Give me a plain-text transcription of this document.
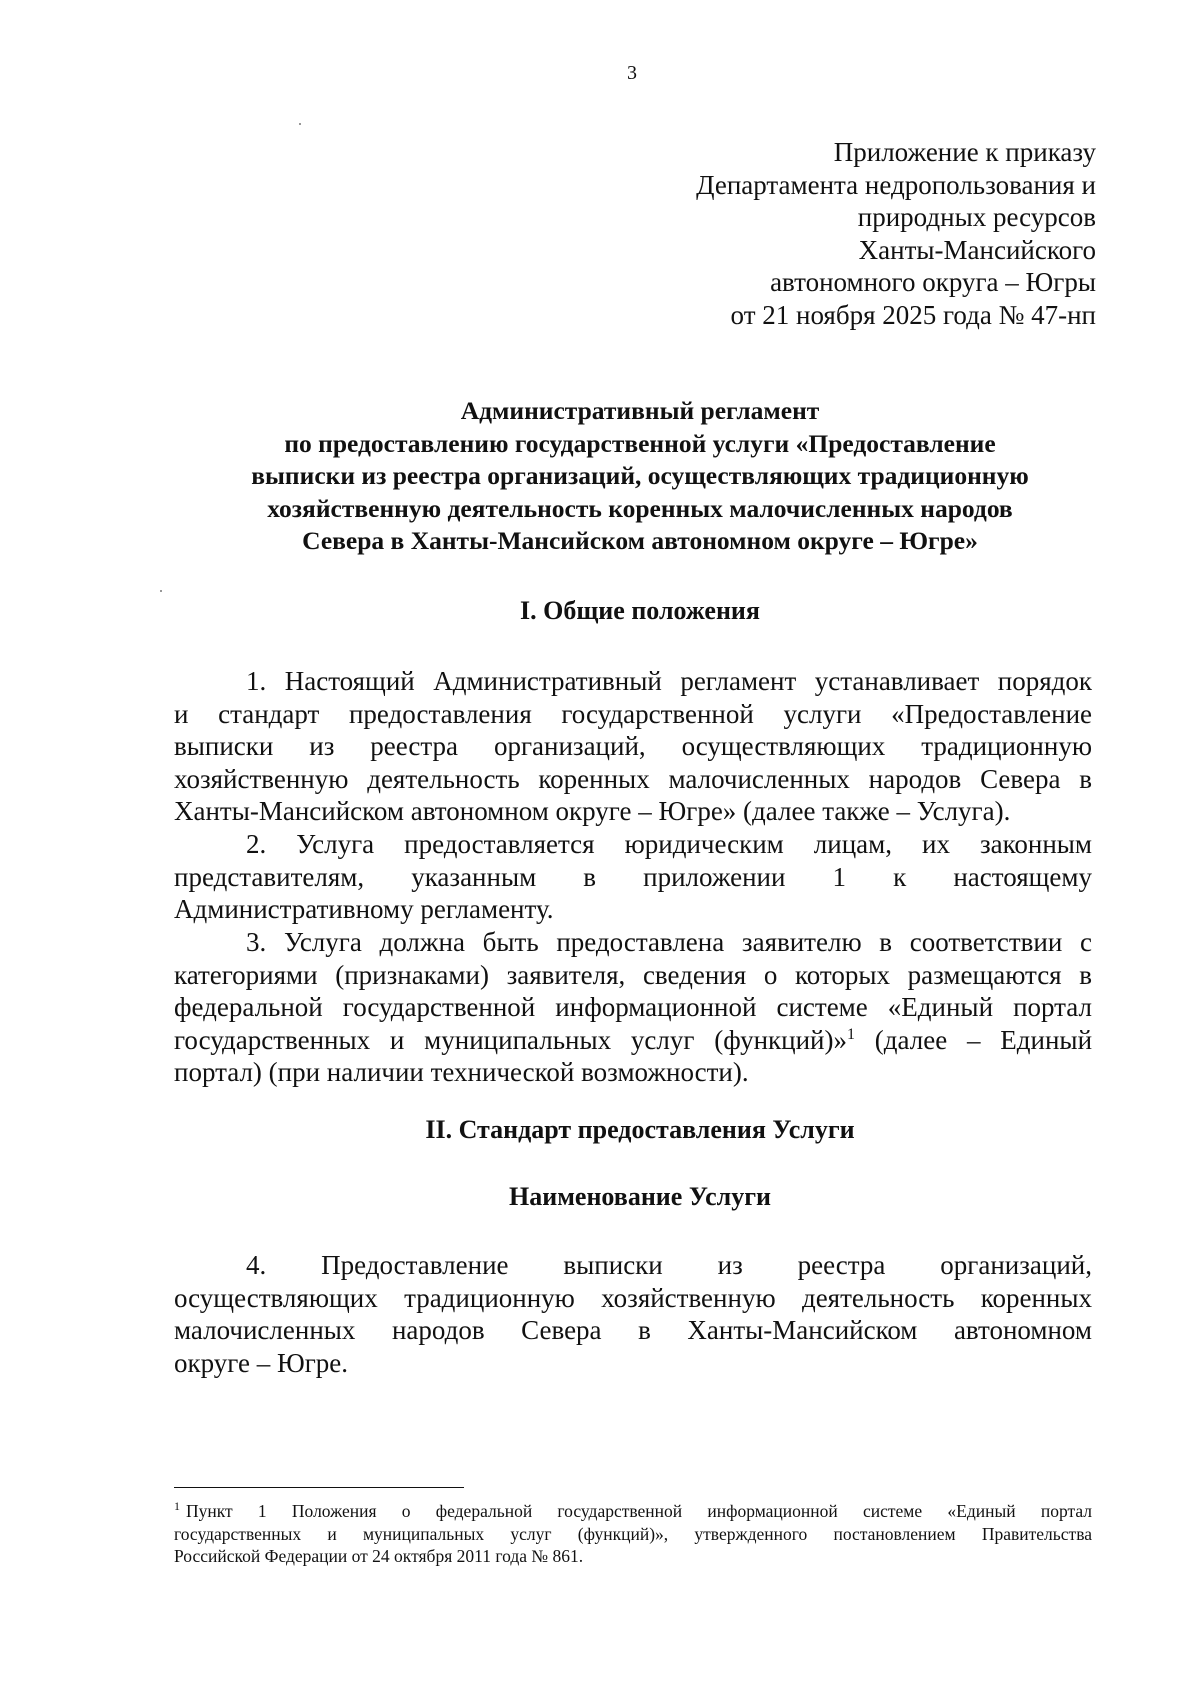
3
Приложение к приказу
Департамента недропользования и
природных ресурсов
Ханты-Мансийского
автономного округа – Югры
от 21 ноября 2025 года № 47-нп
Административный регламент
по предоставлению государственной услуги «Предоставление
выписки из реестра организаций, осуществляющих традиционную
хозяйственную деятельность коренных малочисленных народов
Севера в Ханты-Мансийском автономном округе – Югре»
I. Общие положения
1. Настоящий Административный регламент устанавливает порядок
и стандарт предоставления государственной услуги «Предоставление
выписки из реестра организаций, осуществляющих традиционную
хозяйственную деятельность коренных малочисленных народов Севера в
Ханты-Мансийском автономном округе – Югре» (далее также – Услуга).
2. Услуга предоставляется юридическим лицам, их законным
представителям, указанным в приложении 1 к настоящему
Административному регламенту.
3. Услуга должна быть предоставлена заявителю в соответствии с
категориями (признаками) заявителя, сведения о которых размещаются в
федеральной государственной информационной системе «Единый портал
государственных и муниципальных услуг (функций)»$^1$ (далее – Единый
портал) (при наличии технической возможности).
II. Стандарт предоставления Услуги
Наименование Услуги
4. Предоставление выписки из реестра организаций,
осуществляющих традиционную хозяйственную деятельность коренных
малочисленных народов Севера в Ханты-Мансийском автономном
округе – Югре.
$^1$ Пункт 1 Положения о федеральной государственной информационной системе «Единый портал
государственных и муниципальных услуг (функций)», утвержденного постановлением Правительства
Российской Федерации от 24 октября 2011 года № 861.
